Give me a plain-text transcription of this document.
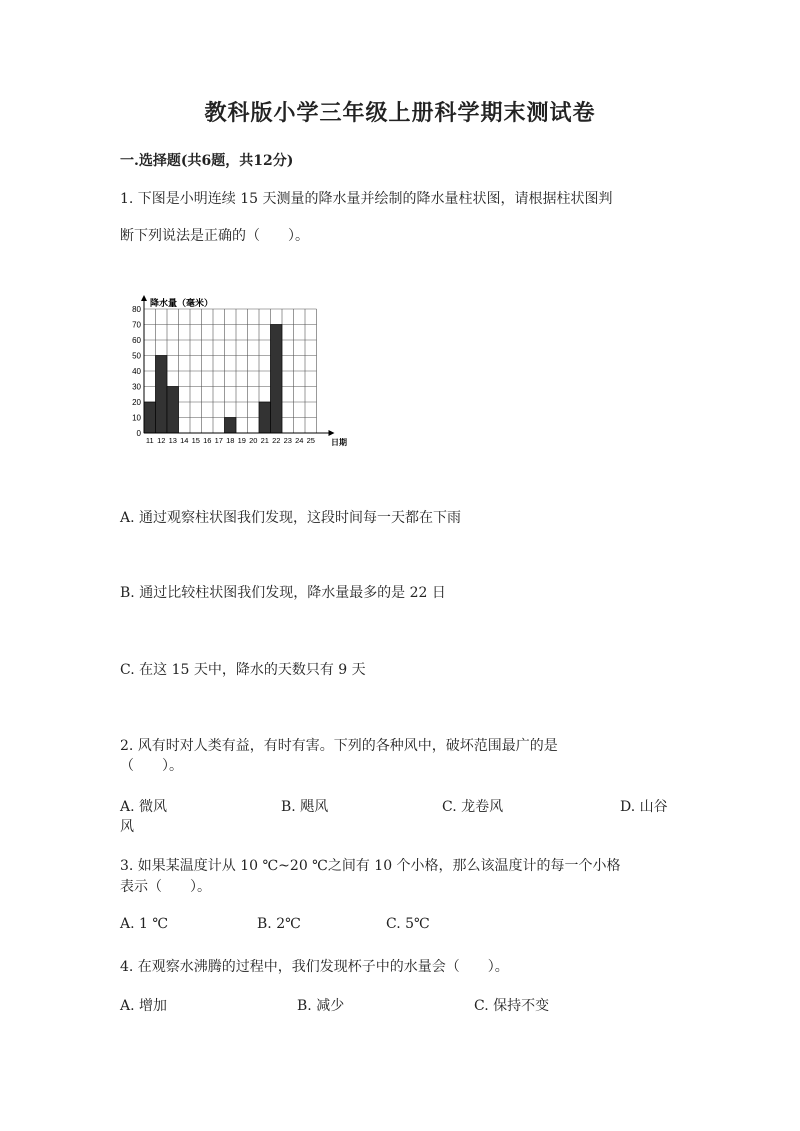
教科版小学三年级上册科学期末测试卷
一.选择题(共6题，共12分)
1. 下图是小明连续 15 天测量的降水量并绘制的降水量柱状图，请根据柱状图判
断下列说法是正确的（　　）。
0
10
20
30
40
50
60
70
80
11 12 13 14 15 16 17 18 19 20 21 22 23 24 25
降水量（毫米）
日期
A. 通过观察柱状图我们发现，这段时间每一天都在下雨
B. 通过比较柱状图我们发现，降水量最多的是 22 日
C. 在这 15 天中，降水的天数只有 9 天
2. 风有时对人类有益，有时有害。下列的各种风中，破坏范围最广的是
（　　）。
A. 微风	B. 飓风	C. 龙卷风	D. 山谷
风
3. 如果某温度计从 10 ℃~20 ℃之间有 10 个小格，那么该温度计的每一个小格
表示（　　）。
A. 1 ℃	B. 2℃	C. 5℃
4. 在观察水沸腾的过程中，我们发现杯子中的水量会（　　）。
A. 增加	B. 减少	C. 保持不变
